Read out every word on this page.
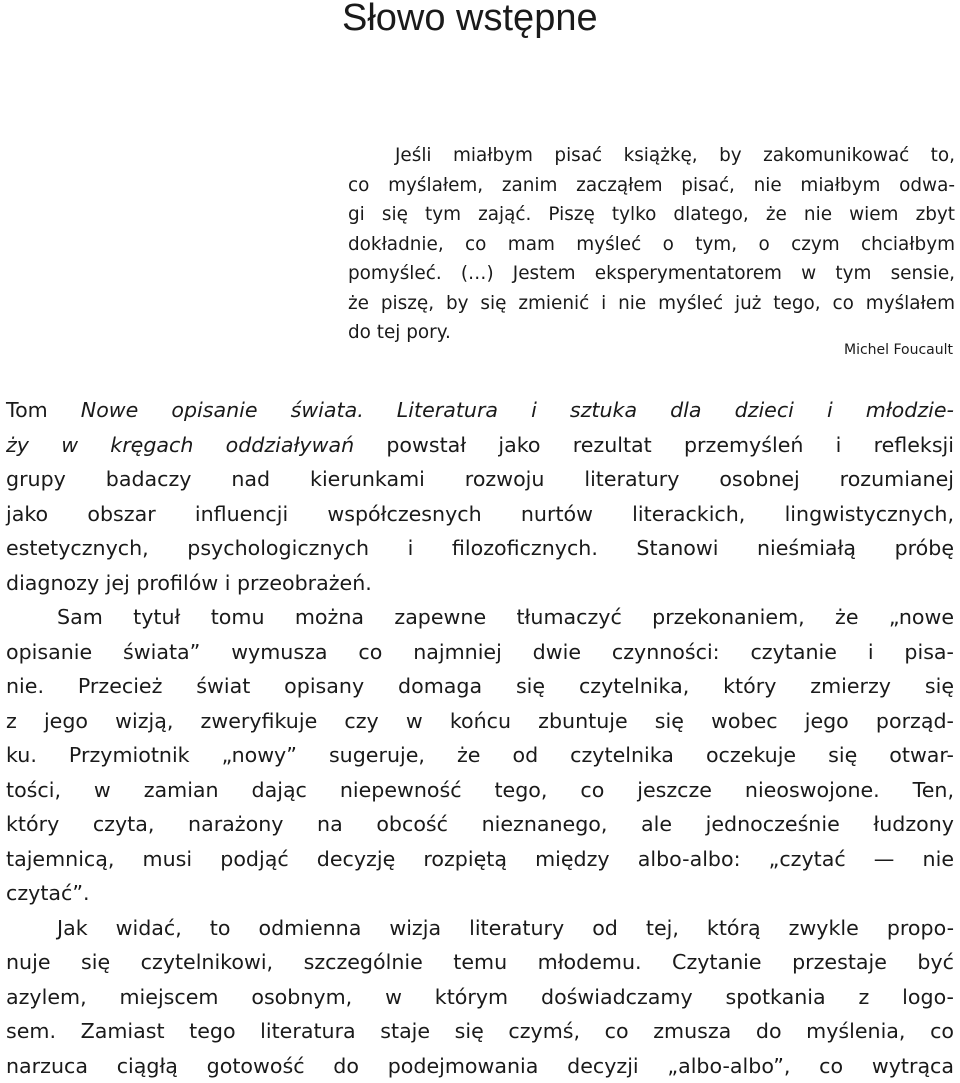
Słowo wstępne
Jeśli miałbym pisać książkę, by zakomunikować to,
co myślałem, zanim zacząłem pisać, nie miałbym odwa-
gi się tym zająć. Piszę tylko dlatego, że nie wiem zbyt
dokładnie, co mam myśleć o tym, o czym chciałbym
pomyśleć. (…) Jestem eksperymentatorem w tym sensie,
że piszę, by się zmienić i nie myśleć już tego, co myślałem
do tej pory.
Michel Foucault
Tom Nowe opisanie świata. Literatura i sztuka dla dzieci i młodzie-
ży w kręgach oddziaływań powstał jako rezultat przemyśleń i refleksji
grupy badaczy nad kierunkami rozwoju literatury osobnej rozumianej
jako obszar influencji współczesnych nurtów literackich, lingwistycznych,
estetycznych, psychologicznych i filozoficznych. Stanowi nieśmiałą próbę
diagnozy jej profilów i przeobrażeń.
Sam tytuł tomu można zapewne tłumaczyć przekonaniem, że „nowe
opisanie świata” wymusza co najmniej dwie czynności: czytanie i pisa-
nie. Przecież świat opisany domaga się czytelnika, który zmierzy się
z jego wizją, zweryfikuje czy w końcu zbuntuje się wobec jego porząd-
ku. Przymiotnik „nowy” sugeruje, że od czytelnika oczekuje się otwar-
tości, w zamian dając niepewność tego, co jeszcze nieoswojone. Ten,
który czyta, narażony na obcość nieznanego, ale jednocześnie łudzony
tajemnicą, musi podjąć decyzję rozpiętą między albo-albo: „czytać — nie
czytać”.
Jak widać, to odmienna wizja literatury od tej, którą zwykle propo-
nuje się czytelnikowi, szczególnie temu młodemu. Czytanie przestaje być
azylem, miejscem osobnym, w którym doświadczamy spotkania z logo-
sem. Zamiast tego literatura staje się czymś, co zmusza do myślenia, co
narzuca ciągłą gotowość do podejmowania decyzji „albo-albo”, co wytrąca
